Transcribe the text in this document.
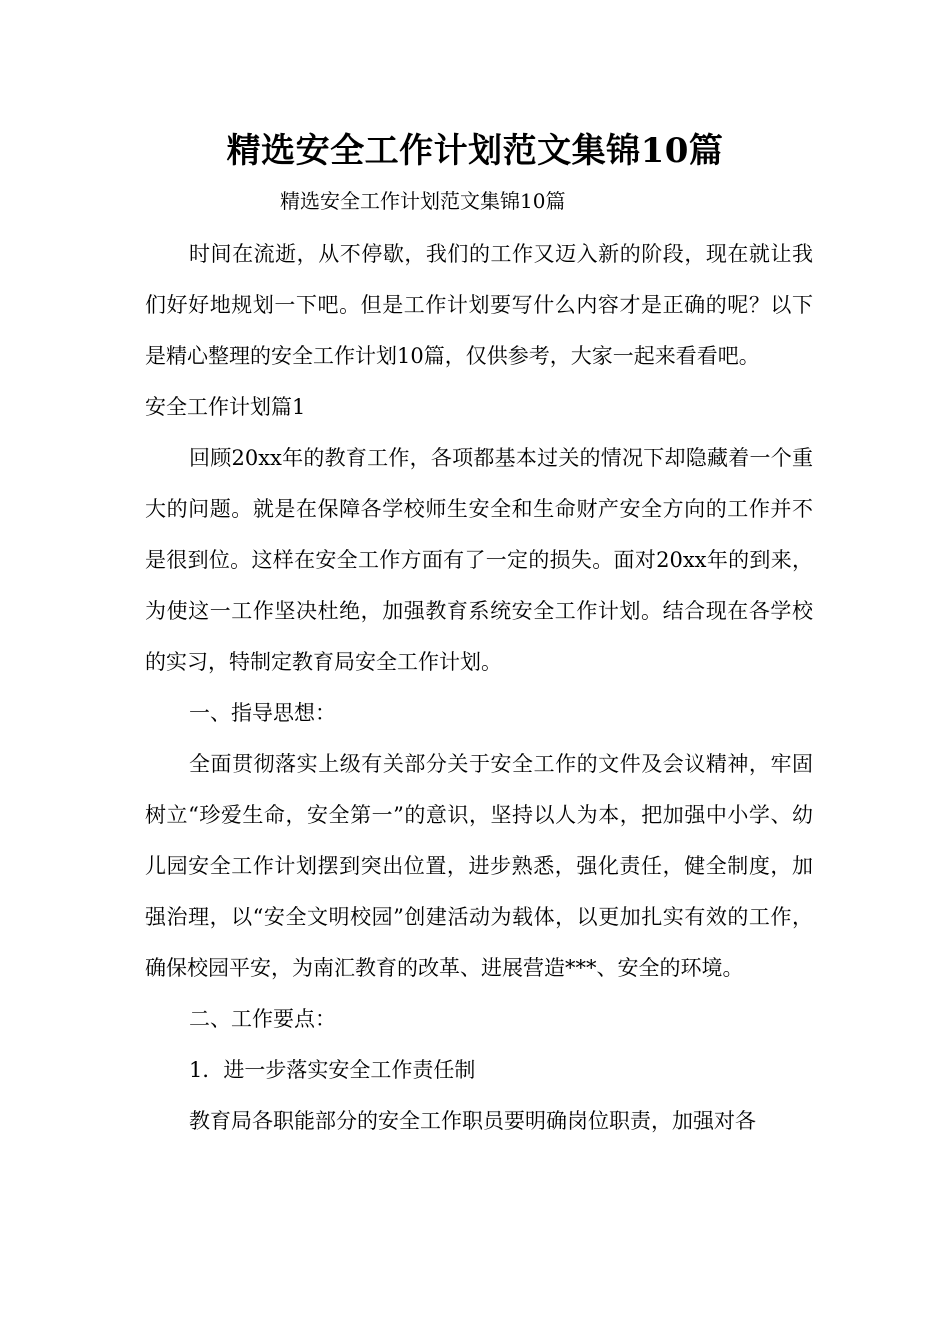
精选安全工作计划范文集锦10篇
精选安全工作计划范文集锦10篇

时间在流逝，从不停歇，我们的工作又迈入新的阶段，现在就让我们好好地规划一下吧。但是工作计划要写什么内容才是正确的呢？以下是精心整理的安全工作计划10篇，仅供参考，大家一起来看看吧。

安全工作计划篇1

回顾20xx年的教育工作，各项都基本过关的情况下却隐藏着一个重大的问题。就是在保障各学校师生安全和生命财产安全方向的工作并不是很到位。这样在安全工作方面有了一定的损失。面对20xx年的到来，为使这一工作坚决杜绝，加强教育系统安全工作计划。结合现在各学校的实习，特制定教育局安全工作计划。

一、指导思想：

全面贯彻落实上级有关部分关于安全工作的文件及会议精神，牢固树立“珍爱生命，安全第一”的意识，坚持以人为本，把加强中小学、幼儿园安全工作计划摆到突出位置，进步熟悉，强化责任，健全制度，加强治理，以“安全文明校园”创建活动为载体，以更加扎实有效的工作，确保校园平安，为南汇教育的改革、进展营造***、安全的环境。

二、工作要点：

1．进一步落实安全工作责任制

教育局各职能部分的安全工作职员要明确岗位职责，加强对各
